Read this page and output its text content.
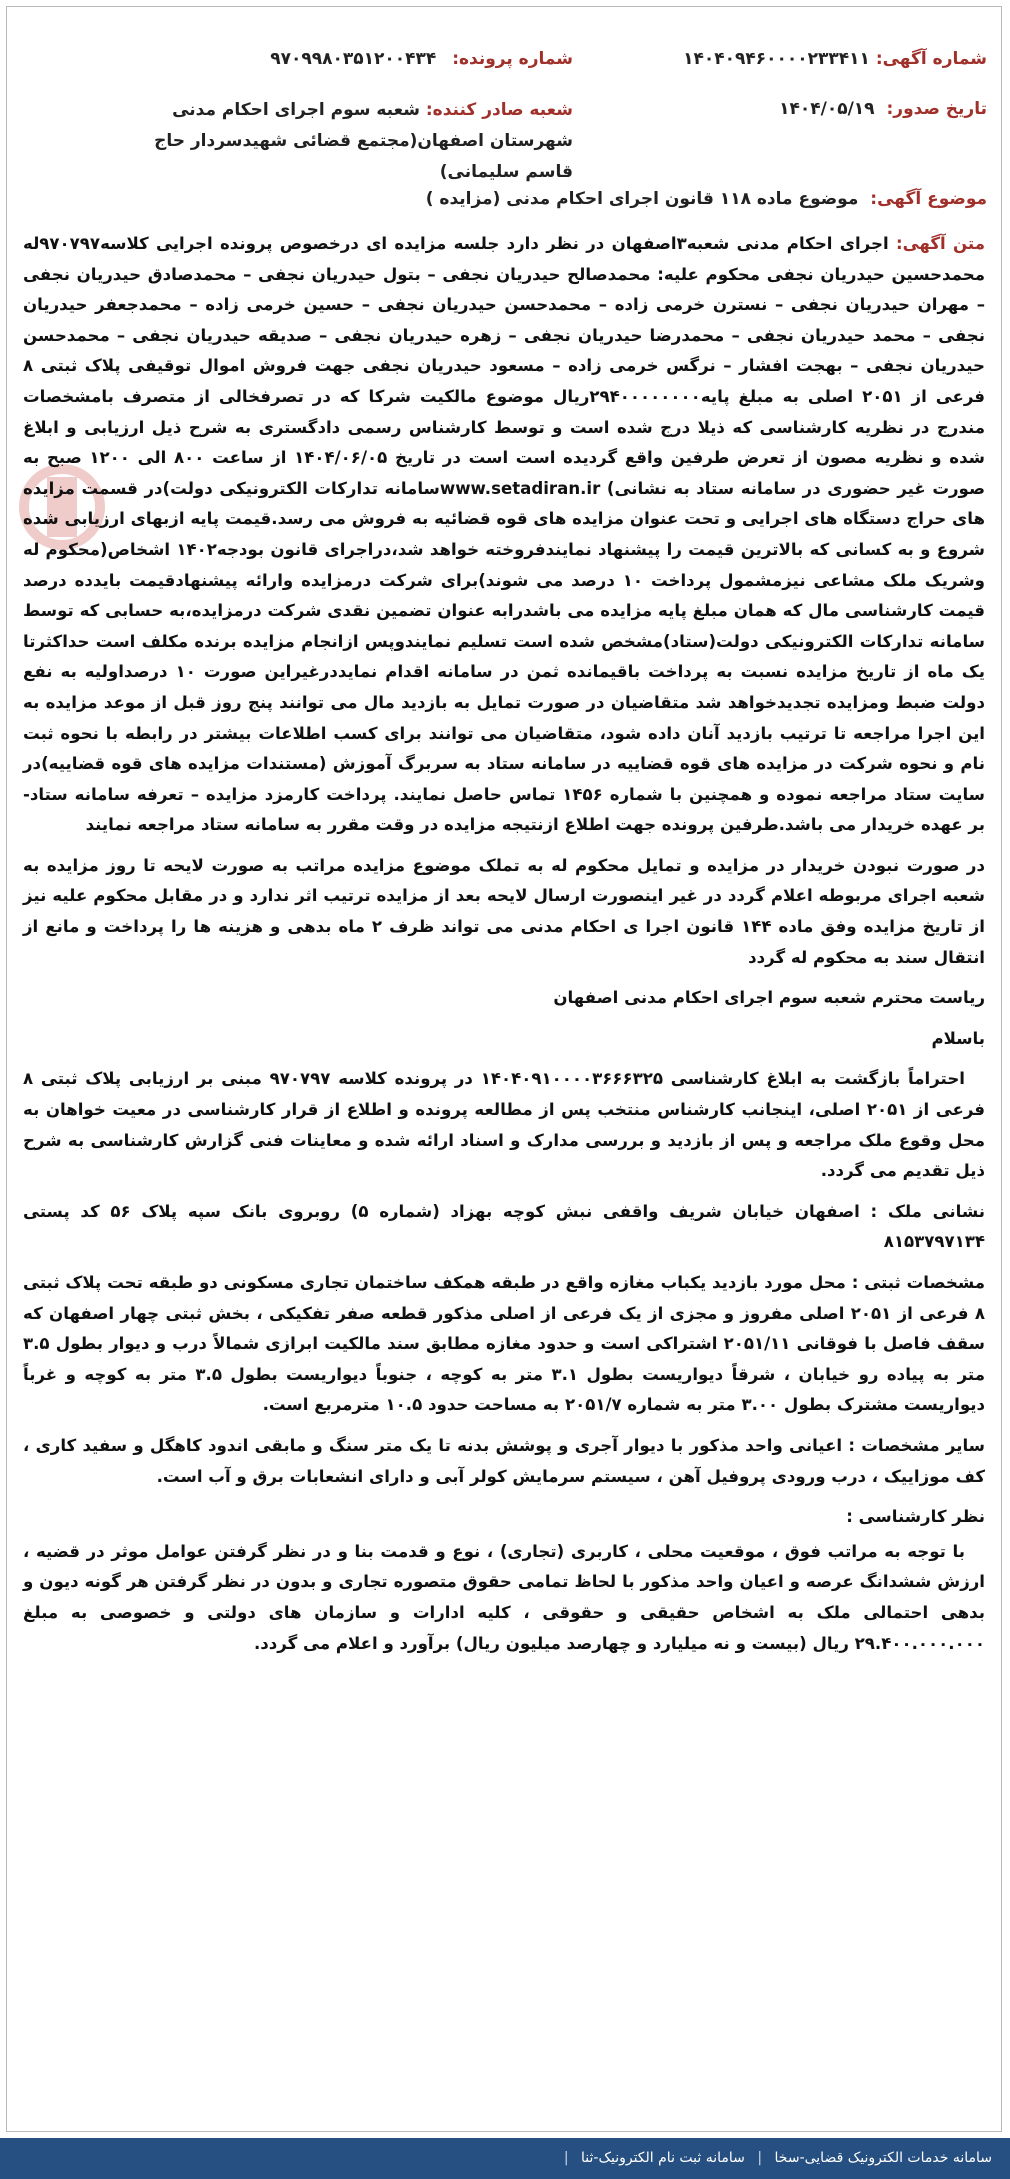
شماره آگهی: ۱۴۰۴۰۹۴۶۰۰۰۰۲۳۳۴۱۱
شماره پرونده: ۹۷۰۹۹۸۰۳۵۱۲۰۰۴۳۴
تاریخ صدور: ۱۴۰۴/۰۵/۱۹
شعبه صادر کننده: شعبه سوم اجرای احکام مدنی شهرستان اصفهان(مجتمع قضائی شهیدسردار حاج قاسم سلیمانی)
موضوع آگهی: موضوع ماده ۱۱۸ قانون اجرای احکام مدنی (مزایده )

متن آگهی: اجرای احکام مدنی شعبه۳اصفهان در نظر دارد جلسه مزایده ای درخصوص پرونده اجرایی کلاسه۹۷۰۷۹۷له محمدحسین حیدریان نجفی محکوم علیه: محمدصالح حیدریان نجفی – بتول حیدریان نجفی – محمدصادق حیدریان نجفی – مهران حیدریان نجفی – نسترن خرمی زاده – محمدحسن حیدریان نجفی – حسین خرمی زاده – محمدجعفر حیدریان نجفی – محمد حیدریان نجفی – محمدرضا حیدریان نجفی – زهره حیدریان نجفی – صدیقه حیدریان نجفی – محمدحسن حیدریان نجفی – بهجت افشار – نرگس خرمی زاده – مسعود حیدریان نجفی جهت فروش اموال توقیفی پلاک ثبتی ۸ فرعی از ۲۰۵۱ اصلی به مبلغ پایه۲۹۴۰۰۰۰۰۰۰۰ریال موضوع مالکیت شرکا که در تصرفخالی از متصرف بامشخصات مندرج در نظریه کارشناسی که ذیلا درج شده است و توسط کارشناس رسمی دادگستری به شرح ذیل ارزیابی و ابلاغ شده و نظریه مصون از تعرض طرفین واقع گردیده است است در تاریخ ۱۴۰۴/۰۶/۰۵ از ساعت ۸۰۰ الی ۱۲۰۰ صبح به صورت غیر حضوری در سامانه ستاد به نشانی) www.setadiran.irسامانه تدارکات الکترونیکی دولت)در قسمت مزایده های حراج دستگاه های اجرایی و تحت عنوان مزایده های قوه قضائیه به فروش می رسد.قیمت پایه ازبهای ارزیابی شده شروع و به کسانی که بالاترین قیمت را پیشنهاد نمایندفروخته خواهد شد،دراجرای قانون بودجه۱۴۰۲ اشخاص(محکوم له وشریک ملک مشاعی نیزمشمول پرداخت ۱۰ درصد می شوند)برای شرکت درمزایده وارائه پیشنهادقیمت بایدده درصد قیمت کارشناسی مال که همان مبلغ پایه مزایده می باشدرابه عنوان تضمین نقدی شرکت درمزایده،به حسابی که توسط سامانه تدارکات الکترونیکی دولت(ستاد)مشخص شده است تسلیم نمایندوپس ازانجام مزایده برنده مکلف است حداکثرتا یک ماه از تاریخ مزایده نسبت به پرداخت باقیمانده ثمن در سامانه اقدام نمایددرغیراین صورت ۱۰ درصداولیه به نفع دولت ضبط ومزایده تجدیدخواهد شد متقاضیان در صورت تمایل به بازدید مال می توانند پنج روز قبل از موعد مزایده به این اجرا مراجعه تا ترتیب بازدید آنان داده شود، متقاضیان می توانند برای کسب اطلاعات بیشتر در رابطه با نحوه ثبت نام و نحوه شرکت در مزایده های قوه قضاییه در سامانه ستاد به سربرگ آموزش (مستندات مزایده های قوه قضاییه)در سایت ستاد مراجعه نموده و همچنین با شماره ۱۴۵۶ تماس حاصل نمایند. پرداخت کارمزد مزایده – تعرفه سامانه ستاد- بر عهده خریدار می باشد.طرفین پرونده جهت اطلاع ازنتیجه مزایده در وقت مقرر به سامانه ستاد مراجعه نمایند

در صورت نبودن خریدار در مزایده و تمایل محکوم له به تملک موضوع مزایده مراتب به صورت لایحه تا روز مزایده به شعبه اجرای مربوطه اعلام گردد در غیر اینصورت ارسال لایحه بعد از مزایده ترتیب اثر ندارد و در مقابل محکوم علیه نیز از تاریخ مزایده وفق ماده ۱۴۴ قانون اجرا ی احکام مدنی می تواند ظرف ۲ ماه بدهی و هزینه ها را پرداخت و مانع از انتقال سند به محکوم له گردد

ریاست محترم شعبه سوم اجرای احکام مدنی اصفهان

باسلام

احتراماً بازگشت به ابلاغ کارشناسی ۱۴۰۴۰۹۱۰۰۰۰۳۶۶۶۳۲۵ در پرونده کلاسه ۹۷۰۷۹۷ مبنی بر ارزیابی پلاک ثبتی ۸ فرعی از ۲۰۵۱ اصلی، اینجانب کارشناس منتخب پس از مطالعه پرونده و اطلاع از قرار کارشناسی در معیت خواهان به محل وقوع ملک مراجعه و پس از بازدید و بررسی مدارک و اسناد ارائه شده و معاینات فنی گزارش کارشناسی به شرح ذیل تقدیم می گردد.

نشانی ملک : اصفهان خیابان شریف واقفی نبش کوچه بهزاد (شماره ۵) روبروی بانک سپه پلاک ۵۶ کد پستی ۸۱۵۳۷۹۷۱۳۴

مشخصات ثبتی : محل مورد بازدید یکباب مغازه واقع در طبقه همکف ساختمان تجاری مسکونی دو طبقه تحت پلاک ثبتی ۸ فرعی از ۲۰۵۱ اصلی مفروز و مجزی از یک فرعی از اصلی مذکور قطعه صفر تفکیکی ، بخش ثبتی چهار اصفهان که سقف فاصل با فوقانی ۲۰۵۱/۱۱ اشتراکی است و حدود مغازه مطابق سند مالکیت ابرازی شمالاً درب و دیوار بطول ۳.۵ متر به پیاده رو خیابان ، شرقاً دیواریست بطول ۳.۱ متر به کوچه ، جنوباً دیواریست بطول ۳.۵ متر به کوچه و غرباً دیواریست مشترک بطول ۳.۰۰ متر به شماره ۲۰۵۱/۷ به مساحت حدود ۱۰.۵ مترمربع است.

سایر مشخصات : اعیانی واحد مذکور با دیوار آجری و پوشش بدنه تا یک متر سنگ و مابقی اندود کاهگل و سفید کاری ، کف موزاییک ، درب ورودی پروفیل آهن ، سیستم سرمایش کولر آبی و دارای انشعابات برق و آب است.

نظر کارشناسی :

با توجه به مراتب فوق ، موقعیت محلی ، کاربری (تجاری) ، نوع و قدمت بنا و در نظر گرفتن عوامل موثر در قضیه ، ارزش ششدانگ عرصه و اعیان واحد مذکور با لحاظ تمامی حقوق متصوره تجاری و بدون در نظر گرفتن هر گونه دیون و بدهی احتمالی ملک به اشخاص حقیقی و حقوقی ، کلیه ادارات و سازمان های دولتی و خصوصی به مبلغ ۲۹.۴۰۰.۰۰۰.۰۰۰ ریال (بیست و نه میلیارد و چهارصد میلیون ریال) برآورد و اعلام می گردد.

سامانه خدمات الکترونیک قضایی-سخا | سامانه ثبت نام الکترونیک-ثنا |
